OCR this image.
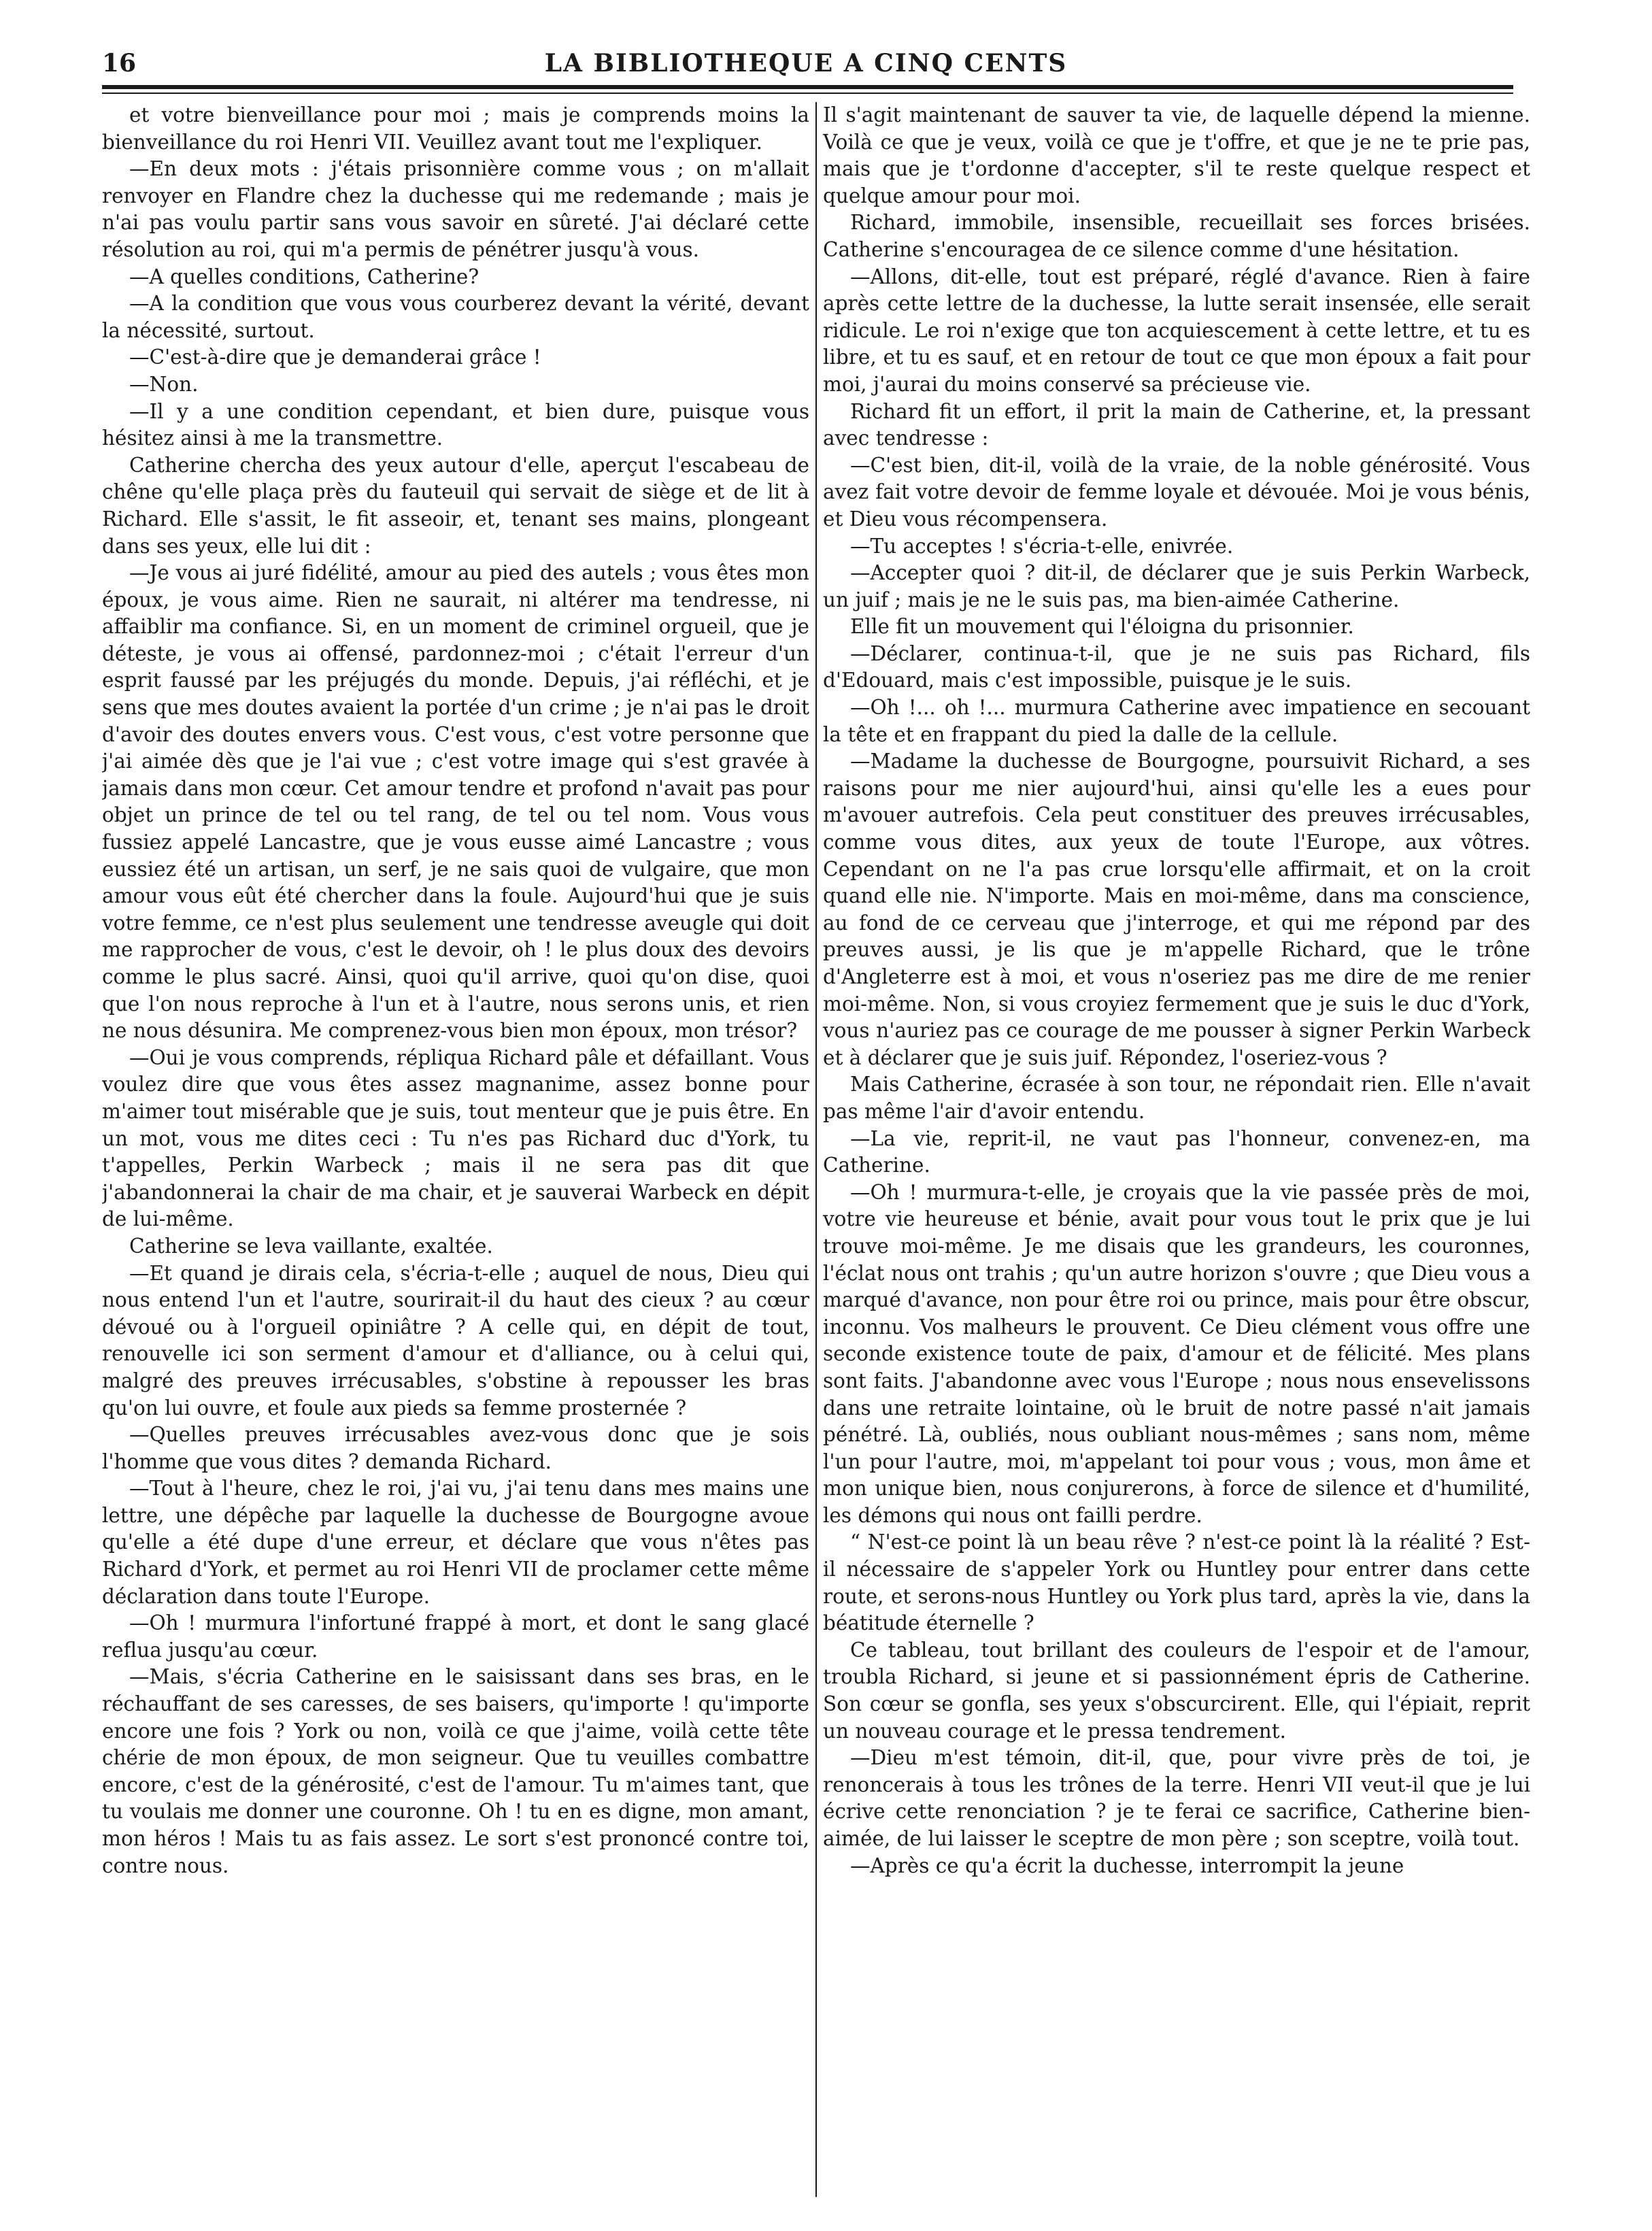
16	LA BIBLIOTHEQUE A CINQ CENTS

et votre bienveillance pour moi ; mais je comprends moins la bienveillance du roi Henri VII. Veuillez avant tout me l'expliquer.

—En deux mots : j'étais prisonnière comme vous ; on m'allait renvoyer en Flandre chez la duchesse qui me redemande ; mais je n'ai pas voulu partir sans vous savoir en sûreté. J'ai déclaré cette résolution au roi, qui m'a permis de pénétrer jusqu'à vous.

—A quelles conditions, Catherine?

—A la condition que vous vous courberez devant la vérité, devant la nécessité, surtout.

—C'est-à-dire que je demanderai grâce !

—Non.

—Il y a une condition cependant, et bien dure, puisque vous hésitez ainsi à me la transmettre.

Catherine chercha des yeux autour d'elle, aperçut l'escabeau de chêne qu'elle plaça près du fauteuil qui servait de siège et de lit à Richard. Elle s'assit, le fit asseoir, et, tenant ses mains, plongeant dans ses yeux, elle lui dit :

—Je vous ai juré fidélité, amour au pied des autels ; vous êtes mon époux, je vous aime. Rien ne saurait, ni altérer ma tendresse, ni affaiblir ma confiance. Si, en un moment de criminel orgueil, que je déteste, je vous ai offensé, pardonnez-moi ; c'était l'erreur d'un esprit faussé par les préjugés du monde. Depuis, j'ai réfléchi, et je sens que mes doutes avaient la portée d'un crime ; je n'ai pas le droit d'avoir des doutes envers vous. C'est vous, c'est votre personne que j'ai aimée dès que je l'ai vue ; c'est votre image qui s'est gravée à jamais dans mon cœur. Cet amour tendre et profond n'avait pas pour objet un prince de tel ou tel rang, de tel ou tel nom. Vous vous fussiez appelé Lancastre, que je vous eusse aimé Lancastre ; vous eussiez été un artisan, un serf, je ne sais quoi de vulgaire, que mon amour vous eût été chercher dans la foule. Aujourd'hui que je suis votre femme, ce n'est plus seulement une tendresse aveugle qui doit me rapprocher de vous, c'est le devoir, oh ! le plus doux des devoirs comme le plus sacré. Ainsi, quoi qu'il arrive, quoi qu'on dise, quoi que l'on nous reproche à l'un et à l'autre, nous serons unis, et rien ne nous désunira. Me comprenez-vous bien mon époux, mon trésor?

—Oui je vous comprends, répliqua Richard pâle et défaillant. Vous voulez dire que vous êtes assez magnanime, assez bonne pour m'aimer tout misérable que je suis, tout menteur que je puis être. En un mot, vous me dites ceci : Tu n'es pas Richard duc d'York, tu t'appelles, Perkin Warbeck ; mais il ne sera pas dit que j'abandonnerai la chair de ma chair, et je sauverai Warbeck en dépit de lui-même.

Catherine se leva vaillante, exaltée.

—Et quand je dirais cela, s'écria-t-elle ; auquel de nous, Dieu qui nous entend l'un et l'autre, sourirait-il du haut des cieux ? au cœur dévoué ou à l'orgueil opiniâtre ? A celle qui, en dépit de tout, renouvelle ici son serment d'amour et d'alliance, ou à celui qui, malgré des preuves irrécusables, s'obstine à repousser les bras qu'on lui ouvre, et foule aux pieds sa femme prosternée ?

—Quelles preuves irrécusables avez-vous donc que je sois l'homme que vous dites ? demanda Richard.

—Tout à l'heure, chez le roi, j'ai vu, j'ai tenu dans mes mains une lettre, une dépêche par laquelle la duchesse de Bourgogne avoue qu'elle a été dupe d'une erreur, et déclare que vous n'êtes pas Richard d'York, et permet au roi Henri VII de proclamer cette même déclaration dans toute l'Europe.

—Oh ! murmura l'infortuné frappé à mort, et dont le sang glacé reflua jusqu'au cœur.

—Mais, s'écria Catherine en le saisissant dans ses bras, en le réchauffant de ses caresses, de ses baisers, qu'importe ! qu'importe encore une fois ? York ou non, voilà ce que j'aime, voilà cette tête chérie de mon époux, de mon seigneur. Que tu veuilles combattre encore, c'est de la générosité, c'est de l'amour. Tu m'aimes tant, que tu voulais me donner une couronne. Oh ! tu en es digne, mon amant, mon héros ! Mais tu as fais assez. Le sort s'est prononcé contre toi, contre nous.

Il s'agit maintenant de sauver ta vie, de laquelle dépend la mienne. Voilà ce que je veux, voilà ce que je t'offre, et que je ne te prie pas, mais que je t'ordonne d'accepter, s'il te reste quelque respect et quelque amour pour moi.

Richard, immobile, insensible, recueillait ses forces brisées. Catherine s'encouragea de ce silence comme d'une hésitation.

—Allons, dit-elle, tout est préparé, réglé d'avance. Rien à faire après cette lettre de la duchesse, la lutte serait insensée, elle serait ridicule. Le roi n'exige que ton acquiescement à cette lettre, et tu es libre, et tu es sauf, et en retour de tout ce que mon époux a fait pour moi, j'aurai du moins conservé sa précieuse vie.

Richard fit un effort, il prit la main de Catherine, et, la pressant avec tendresse :

—C'est bien, dit-il, voilà de la vraie, de la noble générosité. Vous avez fait votre devoir de femme loyale et dévouée. Moi je vous bénis, et Dieu vous récompensera.

—Tu acceptes ! s'écria-t-elle, enivrée.

—Accepter quoi ? dit-il, de déclarer que je suis Perkin Warbeck, un juif ; mais je ne le suis pas, ma bien-aimée Catherine.

Elle fit un mouvement qui l'éloigna du prisonnier.

—Déclarer, continua-t-il, que je ne suis pas Richard, fils d'Edouard, mais c'est impossible, puisque je le suis.

—Oh !... oh !... murmura Catherine avec impatience en secouant la tête et en frappant du pied la dalle de la cellule.

—Madame la duchesse de Bourgogne, poursuivit Richard, a ses raisons pour me nier aujourd'hui, ainsi qu'elle les a eues pour m'avouer autrefois. Cela peut constituer des preuves irrécusables, comme vous dites, aux yeux de toute l'Europe, aux vôtres. Cependant on ne l'a pas crue lorsqu'elle affirmait, et on la croit quand elle nie. N'importe. Mais en moi-même, dans ma conscience, au fond de ce cerveau que j'interroge, et qui me répond par des preuves aussi, je lis que je m'appelle Richard, que le trône d'Angleterre est à moi, et vous n'oseriez pas me dire de me renier moi-même. Non, si vous croyiez fermement que je suis le duc d'York, vous n'auriez pas ce courage de me pousser à signer Perkin Warbeck et à déclarer que je suis juif. Répondez, l'oseriez-vous ?

Mais Catherine, écrasée à son tour, ne répondait rien. Elle n'avait pas même l'air d'avoir entendu.

—La vie, reprit-il, ne vaut pas l'honneur, convenez-en, ma Catherine.

—Oh ! murmura-t-elle, je croyais que la vie passée près de moi, votre vie heureuse et bénie, avait pour vous tout le prix que je lui trouve moi-même. Je me disais que les grandeurs, les couronnes, l'éclat nous ont trahis ; qu'un autre horizon s'ouvre ; que Dieu vous a marqué d'avance, non pour être roi ou prince, mais pour être obscur, inconnu. Vos malheurs le prouvent. Ce Dieu clément vous offre une seconde existence toute de paix, d'amour et de félicité. Mes plans sont faits. J'abandonne avec vous l'Europe ; nous nous ensevelissons dans une retraite lointaine, où le bruit de notre passé n'ait jamais pénétré. Là, oubliés, nous oubliant nous-mêmes ; sans nom, même l'un pour l'autre, moi, m'appelant toi pour vous ; vous, mon âme et mon unique bien, nous conjurerons, à force de silence et d'humilité, les démons qui nous ont failli perdre.

“ N'est-ce point là un beau rêve ? n'est-ce point là la réalité ? Est-il nécessaire de s'appeler York ou Huntley pour entrer dans cette route, et serons-nous Huntley ou York plus tard, après la vie, dans la béatitude éternelle ?

Ce tableau, tout brillant des couleurs de l'espoir et de l'amour, troubla Richard, si jeune et si passionnément épris de Catherine. Son cœur se gonfla, ses yeux s'obscurcirent. Elle, qui l'épiait, reprit un nouveau courage et le pressa tendrement.

—Dieu m'est témoin, dit-il, que, pour vivre près de toi, je renoncerais à tous les trônes de la terre. Henri VII veut-il que je lui écrive cette renonciation ? je te ferai ce sacrifice, Catherine bien-aimée, de lui laisser le sceptre de mon père ; son sceptre, voilà tout.

—Après ce qu'a écrit la duchesse, interrompit la jeune
